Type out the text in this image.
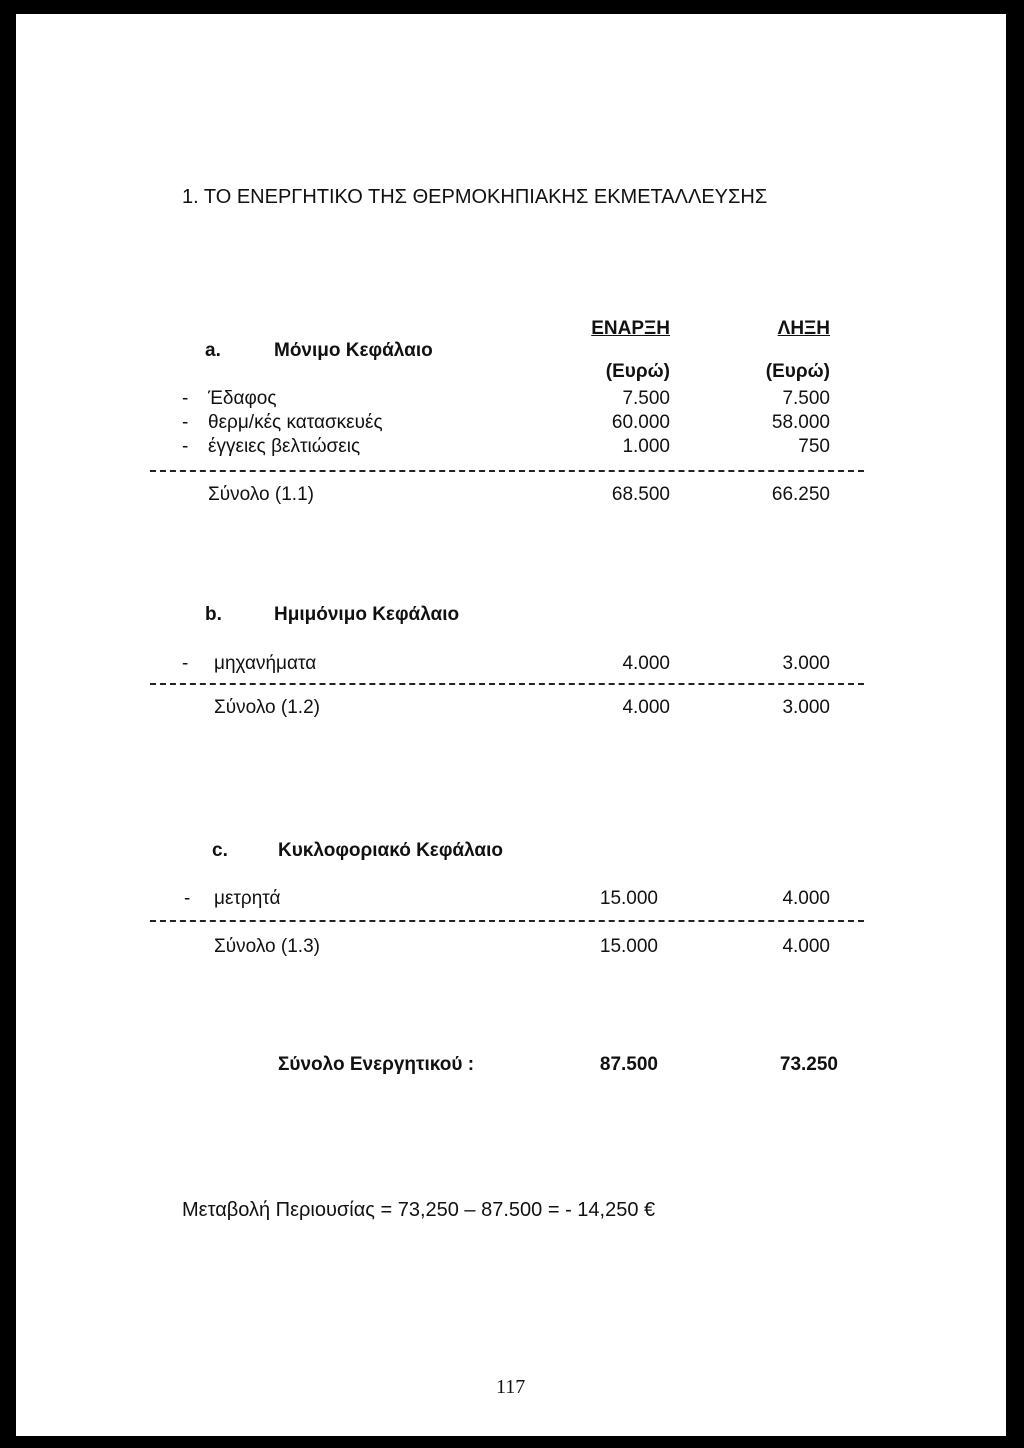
1. ΤΟ ΕΝΕΡΓΗΤΙΚΟ ΤΗΣ ΘΕΡΜΟΚΗΠΙΑΚΗΣ ΕΚΜΕΤΑΛΛΕΥΣΗΣ
ΕΝΑΡΞΗ	ΛΗΞΗ
(Ευρώ)	(Ευρώ)
a.	Μόνιμο Κεφάλαιο
- Έδαφος	7.500	7.500
- θερμ/κές κατασκευές	60.000	58.000
- έγγειες βελτιώσεις	1.000	750
Σύνολο (1.1)	68.500	66.250
b.	Ημιμόνιμο Κεφάλαιο
- μηχανήματα	4.000	3.000
Σύνολο (1.2)	4.000	3.000
c.	Κυκλοφοριακό Κεφάλαιο
- μετρητά	15.000	4.000
Σύνολο (1.3)	15.000	4.000
Σύνολο Ενεργητικού :	87.500	73.250
Μεταβολή Περιουσίας = 73,250 – 87.500 = - 14,250 €
117
